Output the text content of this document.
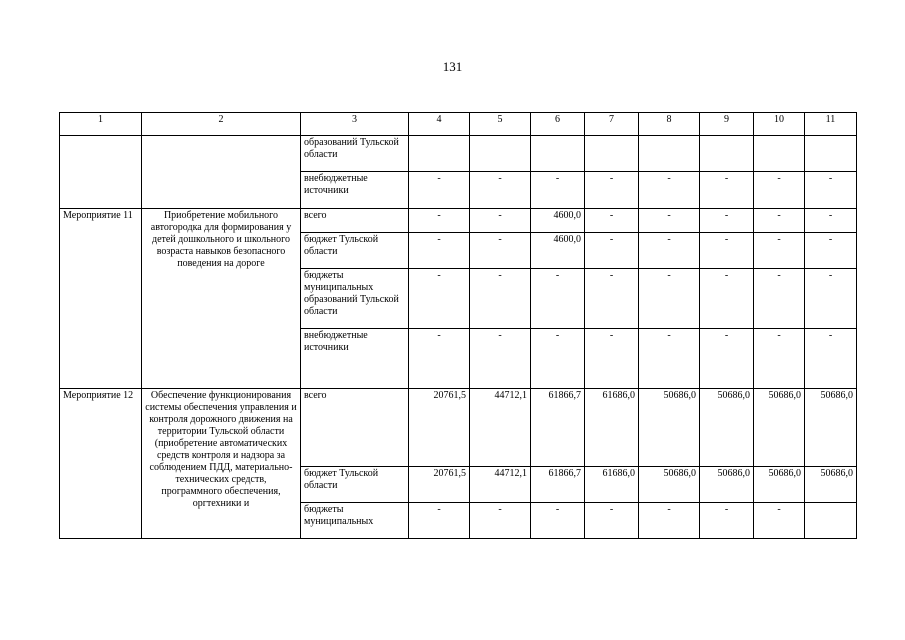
131
1	2	3	4	5	6	7	8	9	10	11
		образований Тульской области								
		внебюджетные источники	-	-	-	-	-	-	-	-
Мероприятие 11	Приобретение мобильного автогородка для формирования у детей дошкольного и школьного возраста навыков безопасного поведения на дороге	всего	-	-	4600,0	-	-	-	-	-
		бюджет Тульской области	-	-	4600,0	-	-	-	-	-
		бюджеты муниципальных образований Тульской области	-	-	-	-	-	-	-	-
		внебюджетные источники	-	-	-	-	-	-	-	-
Мероприятие 12	Обеспечение функционирования системы обеспечения управления и контроля дорожного движения на территории Тульской области (приобретение автоматических средств контроля и надзора за соблюдением ПДД, материально-технических средств, программного обеспечения, оргтехники и	всего	20761,5	44712,1	61866,7	61686,0	50686,0	50686,0	50686,0	50686,0
		бюджет Тульской области	20761,5	44712,1	61866,7	61686,0	50686,0	50686,0	50686,0	50686,0
		бюджеты муниципальных	-	-	-	-	-	-	-	
